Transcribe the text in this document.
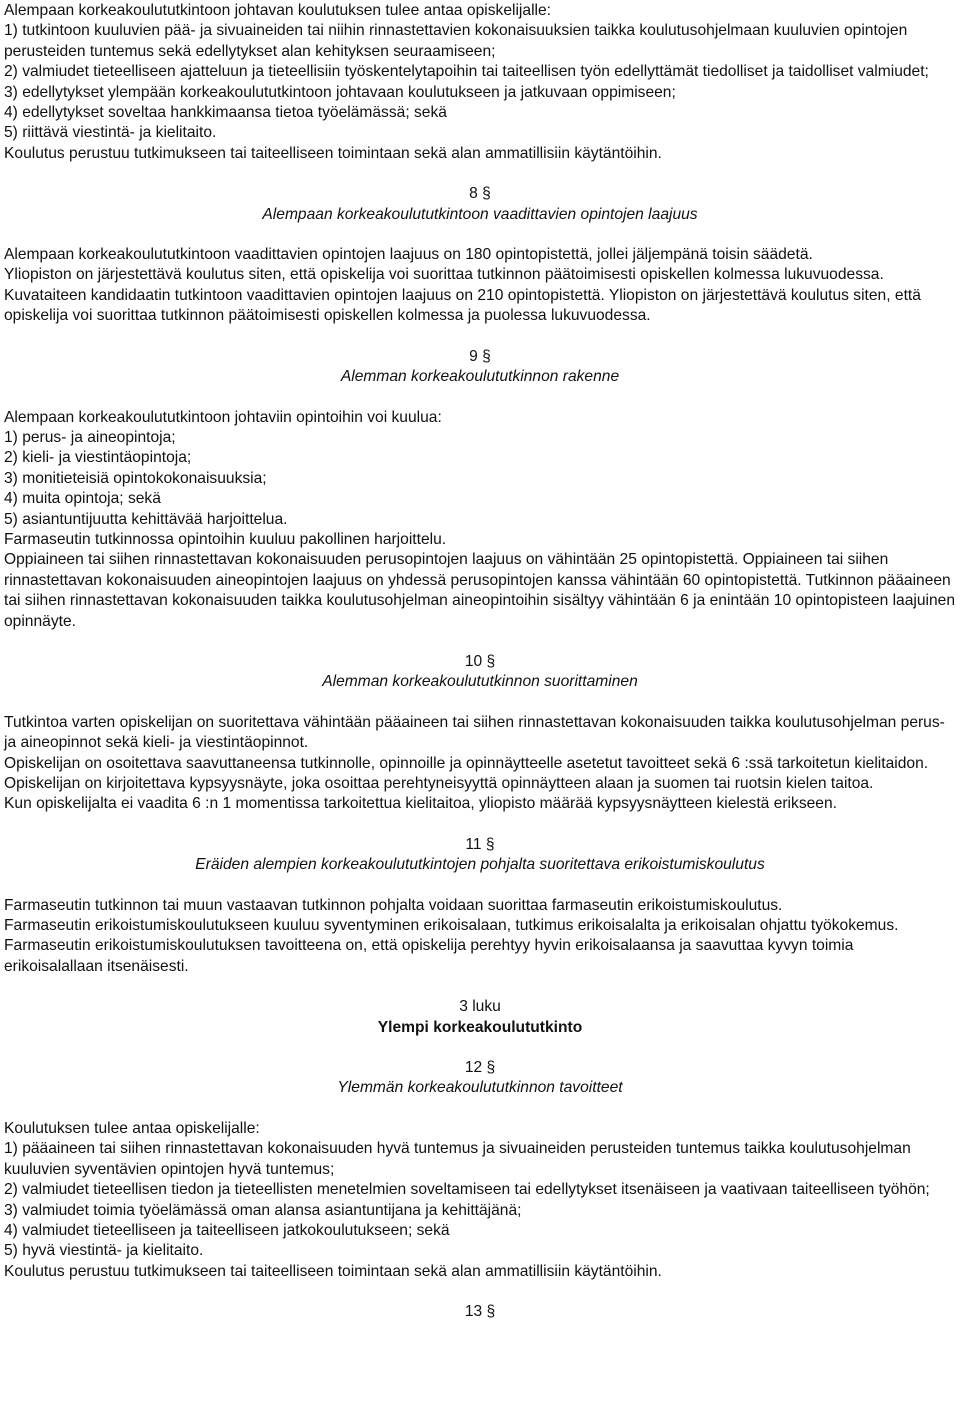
Alempaan korkeakoulututkintoon johtavan koulutuksen tulee antaa opiskelijalle:

1) tutkintoon kuuluvien pää- ja sivuaineiden tai niihin rinnastettavien kokonaisuuksien taikka koulutusohjelmaan kuuluvien opintojen perusteiden tuntemus sekä edellytykset alan kehityksen seuraamiseen;

2) valmiudet tieteelliseen ajatteluun ja tieteellisiin työskentelytapoihin tai taiteellisen työn edellyttämät tiedolliset ja taidolliset valmiudet;

3) edellytykset ylempään korkeakoulututkintoon johtavaan koulutukseen ja jatkuvaan oppimiseen;

4) edellytykset soveltaa hankkimaansa tietoa työelämässä; sekä

5) riittävä viestintä- ja kielitaito.

Koulutus perustuu tutkimukseen tai taiteelliseen toimintaan sekä alan ammatillisiin käytäntöihin.

8 §

Alempaan korkeakoulututkintoon vaadittavien opintojen laajuus

Alempaan korkeakoulututkintoon vaadittavien opintojen laajuus on 180 opintopistettä, jollei jäljempänä toisin säädetä.

Yliopiston on järjestettävä koulutus siten, että opiskelija voi suorittaa tutkinnon päätoimisesti opiskellen kolmessa lukuvuodessa.

Kuvataiteen kandidaatin tutkintoon vaadittavien opintojen laajuus on 210 opintopistettä. Yliopiston on järjestettävä koulutus siten, että opiskelija voi suorittaa tutkinnon päätoimisesti opiskellen kolmessa ja puolessa lukuvuodessa.

9 §

Alemman korkeakoulututkinnon rakenne

Alempaan korkeakoulututkintoon johtaviin opintoihin voi kuulua:

1) perus- ja aineopintoja;

2) kieli- ja viestintäopintoja;

3) monitieteisiä opintokokonaisuuksia;

4) muita opintoja; sekä

5) asiantuntijuutta kehittävää harjoittelua.

Farmaseutin tutkinnossa opintoihin kuuluu pakollinen harjoittelu.

Oppiaineen tai siihen rinnastettavan kokonaisuuden perusopintojen laajuus on vähintään 25 opintopistettä. Oppiaineen tai siihen rinnastettavan kokonaisuuden aineopintojen laajuus on yhdessä perusopintojen kanssa vähintään 60 opintopistettä. Tutkinnon pääaineen tai siihen rinnastettavan kokonaisuuden taikka koulutusohjelman aineopintoihin sisältyy vähintään 6 ja enintään 10 opintopisteen laajuinen opinnäyte.

10 §

Alemman korkeakoulututkinnon suorittaminen

Tutkintoa varten opiskelijan on suoritettava vähintään pääaineen tai siihen rinnastettavan kokonaisuuden taikka koulutusohjelman perus- ja aineopinnot sekä kieli- ja viestintäopinnot.

Opiskelijan on osoitettava saavuttaneensa tutkinnolle, opinnoille ja opinnäytteelle asetetut tavoitteet sekä 6 :ssä tarkoitetun kielitaidon. Opiskelijan on kirjoitettava kypsyysnäyte, joka osoittaa perehtyneisyyttä opinnäytteen alaan ja suomen tai ruotsin kielen taitoa.

Kun opiskelijalta ei vaadita 6 :n 1 momentissa tarkoitettua kielitaitoa, yliopisto määrää kypsyysnäytteen kielestä erikseen.

11 §

Eräiden alempien korkeakoulututkintojen pohjalta suoritettava erikoistumiskoulutus

Farmaseutin tutkinnon tai muun vastaavan tutkinnon pohjalta voidaan suorittaa farmaseutin erikoistumiskoulutus.

Farmaseutin erikoistumiskoulutukseen kuuluu syventyminen erikoisalaan, tutkimus erikoisalalta ja erikoisalan ohjattu työkokemus. Farmaseutin erikoistumiskoulutuksen tavoitteena on, että opiskelija perehtyy hyvin erikoisalaansa ja saavuttaa kyvyn toimia erikoisalallaan itsenäisesti.

3 luku

Ylempi korkeakoulututkinto

12 §

Ylemmän korkeakoulututkinnon tavoitteet

Koulutuksen tulee antaa opiskelijalle:

1) pääaineen tai siihen rinnastettavan kokonaisuuden hyvä tuntemus ja sivuaineiden perusteiden tuntemus taikka koulutusohjelman kuuluvien syventävien opintojen hyvä tuntemus;

2) valmiudet tieteellisen tiedon ja tieteellisten menetelmien soveltamiseen tai edellytykset itsenäiseen ja vaativaan taiteelliseen työhön;

3) valmiudet toimia työelämässä oman alansa asiantuntijana ja kehittäjänä;

4) valmiudet tieteelliseen ja taiteelliseen jatkokoulutukseen; sekä

5) hyvä viestintä- ja kielitaito.

Koulutus perustuu tutkimukseen tai taiteelliseen toimintaan sekä alan ammatillisiin käytäntöihin.

13 §
